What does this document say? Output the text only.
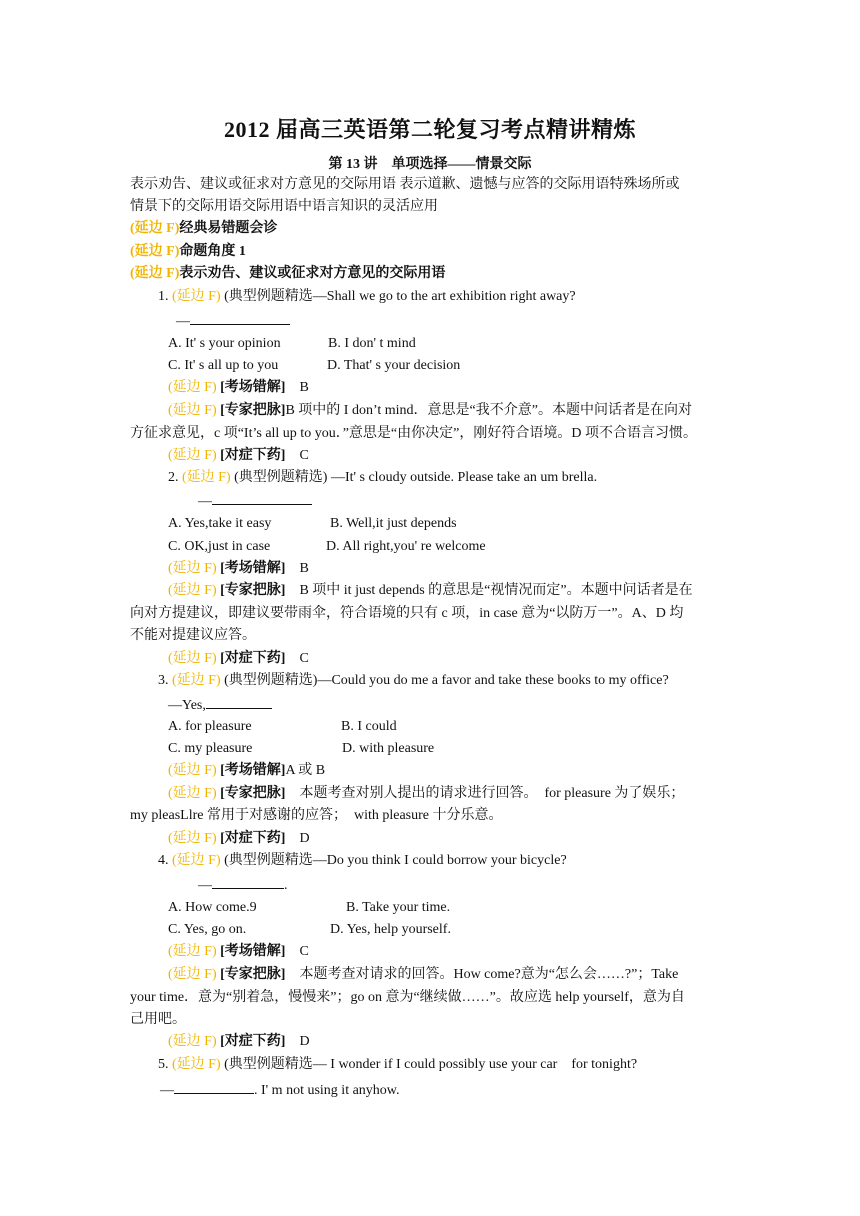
2012 届高三英语第二轮复习考点精讲精炼
第 13 讲　单项选择——情景交际
表示劝告、建议或征求对方意见的交际用语 表示道歉、遗憾与应答的交际用语特殊场所或
情景下的交际用语交际用语中语言知识的灵活应用
(延边 F)经典易错题会诊
(延边 F)命题角度 1
(延边 F)表示劝告、建议或征求对方意见的交际用语
1. (延边 F) (典型例题精选—Shall we go to the art exhibition right away?
—
A. It' s your opinion	B. I don' t mind
C. It' s all up to you	D. That' s your decision
(延边 F) [考场错解] B
(延边 F) [专家把脉]B 项中的 I don’t mind．意思是“我不介意”。本题中问话者是在向对
方征求意见，c 项“It’s all up to you．”意思是“由你决定”，刚好符合语境。D 项不合语言习惯。
(延边 F) [对症下药] C
2. (延边 F) (典型例题精选) —It' s cloudy outside. Please take an um brella.
—
A. Yes,take it easy	B. Well,it just depends
C. OK,just in case	D. All right,you' re welcome
(延边 F) [考场错解] B
(延边 F) [专家把脉] B 项中 it just depends 的意思是“视情况而定”。本题中问话者是在
向对方提建议，即建议要带雨伞，符合语境的只有 c 项，in case 意为“以防万一”。A、D 均
不能对提建议应答。
(延边 F) [对症下药] C
3. (延边 F) (典型例题精选)—Could you do me a favor and take these books to my office?
—Yes,
A. for pleasure	B. I could
C. my pleasure	D. with pleasure
(延边 F) [考场错解]A 或 B
(延边 F) [专家把脉] 本题考查对别人提出的请求进行回答。　for pleasure 为了娱乐；
my pleasLlre 常用于对感谢的应答；　with pleasure 十分乐意。
(延边 F) [对症下药] D
4. (延边 F) (典型例题精选—Do you think I could borrow your bicycle?
—	.
A. How come.9	B. Take your time.
C. Yes, go on.	D. Yes, help yourself.
(延边 F) [考场错解] C
(延边 F) [专家把脉] 本题考查对请求的回答。How come?意为“怎么会……?”；Take
your time．意为“别着急，慢慢来”；go on 意为“继续做……”。故应选 help yourself，意为自
己用吧。
(延边 F) [对症下药] D
5. (延边 F) (典型例题精选— I wonder if I could possibly use your car　for tonight?
—	. I' m not using it anyhow.
